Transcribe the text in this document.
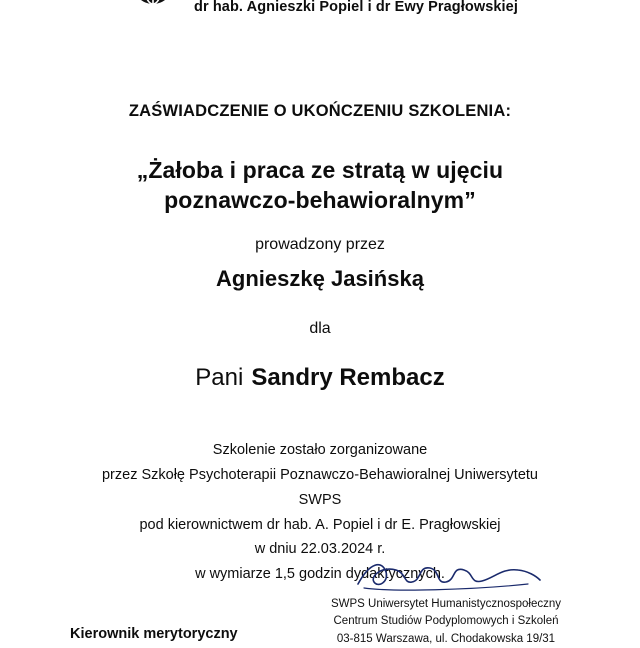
dr hab. Agnieszki Popiel i dr Ewy Pragłowskiej
ZAŚWIADCZENIE O UKOŃCZENIU SZKOLENIA:
„Żałoba i praca ze stratą w ujęciu
poznawczo-behawioralnym”
prowadzony przez
Agnieszkę Jasińską
dla
Pani Sandry Rembacz
Szkolenie zostało zorganizowane
przez Szkołę Psychoterapii Poznawczo-Behawioralnej Uniwersytetu
SWPS
pod kierownictwem dr hab. A. Popiel i dr E. Pragłowskiej
w dniu 22.03.2024 r.
w wymiarze 1,5 godzin dydaktycznych.
SWPS Uniwersytet Humanistycznospołeczny
Centrum Studiów Podyplomowych i Szkoleń
03-815 Warszawa, ul. Chodakowska 19/31
Kierownik merytoryczny
